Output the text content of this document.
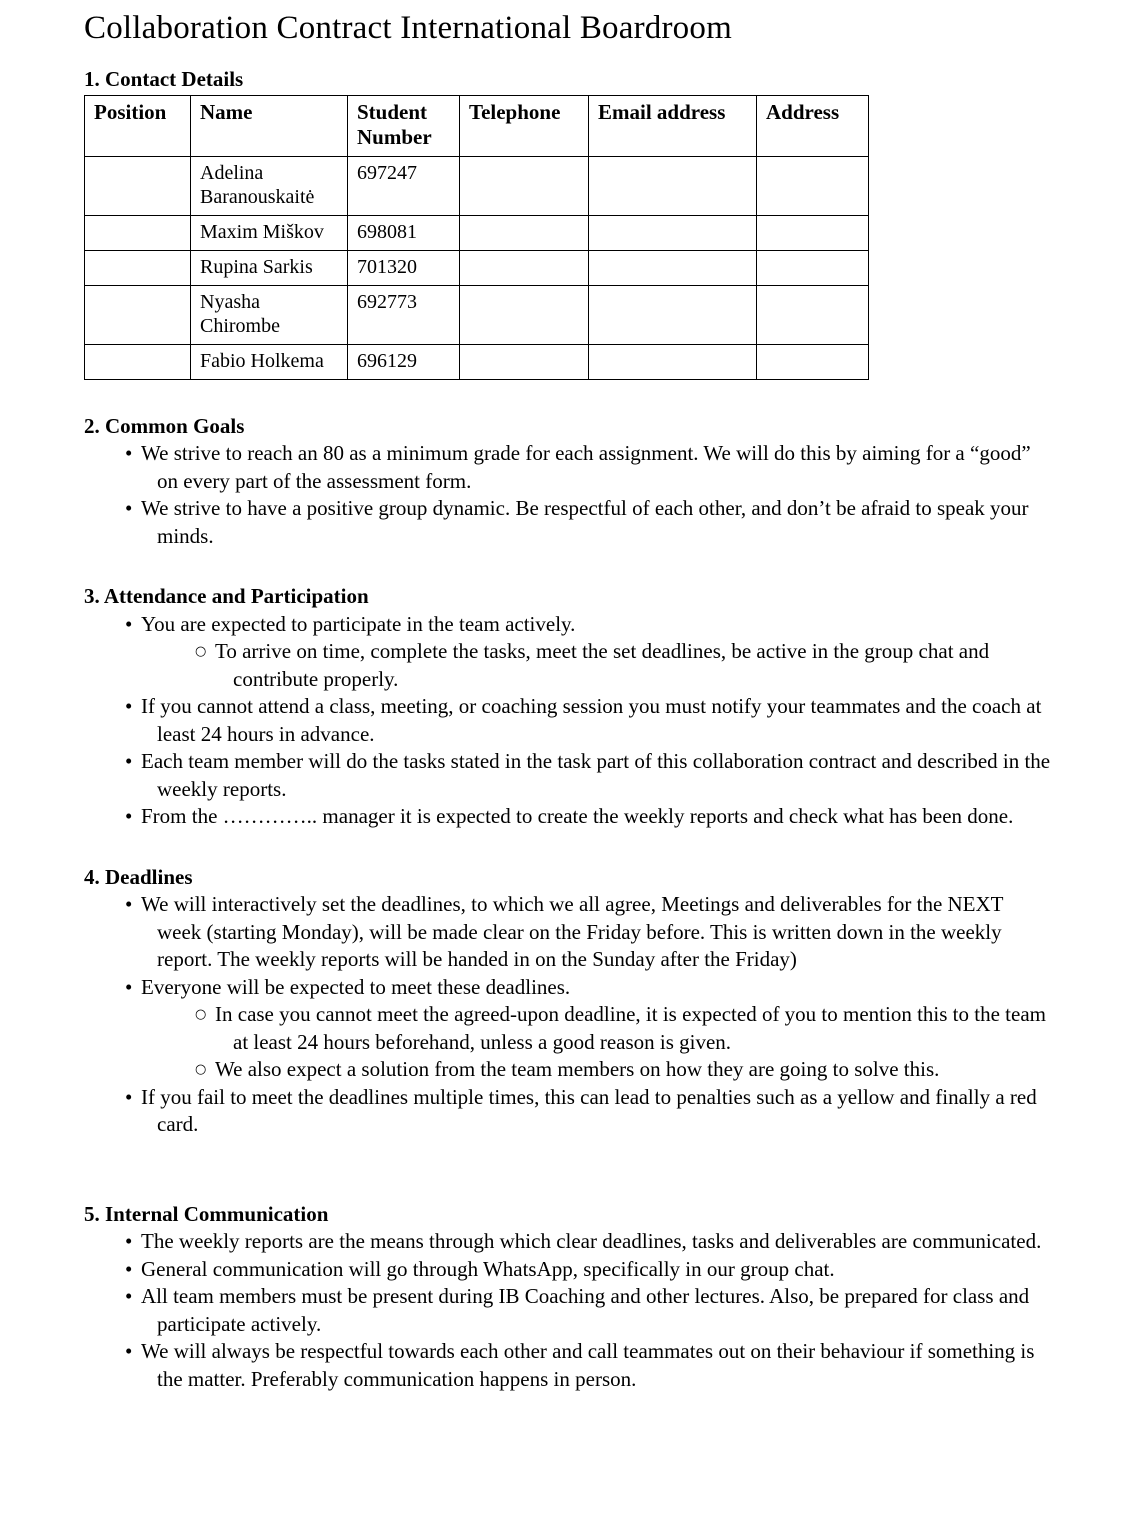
Collaboration Contract International Boardroom
1. Contact Details
Position	Name	Student Number	Telephone	Email address	Address
	Adelina Baranouskaitė	697247			
	Maxim Miškov	698081			
	Rupina Sarkis	701320			
	Nyasha Chirombe	692773			
	Fabio Holkema	696129			
2. Common Goals
• We strive to reach an 80 as a minimum grade for each assignment. We will do this by aiming for a “good” on every part of the assessment form.
• We strive to have a positive group dynamic. Be respectful of each other, and don’t be afraid to speak your minds.
3. Attendance and Participation
• You are expected to participate in the team actively.
○ To arrive on time, complete the tasks, meet the set deadlines, be active in the group chat and contribute properly.
• If you cannot attend a class, meeting, or coaching session you must notify your teammates and the coach at least 24 hours in advance.
• Each team member will do the tasks stated in the task part of this collaboration contract and described in the weekly reports.
• From the ………….. manager it is expected to create the weekly reports and check what has been done.
4. Deadlines
• We will interactively set the deadlines, to which we all agree, Meetings and deliverables for the NEXT week (starting Monday), will be made clear on the Friday before. This is written down in the weekly report. The weekly reports will be handed in on the Sunday after the Friday)
• Everyone will be expected to meet these deadlines.
○ In case you cannot meet the agreed-upon deadline, it is expected of you to mention this to the team at least 24 hours beforehand, unless a good reason is given.
○ We also expect a solution from the team members on how they are going to solve this.
• If you fail to meet the deadlines multiple times, this can lead to penalties such as a yellow and finally a red card.
5. Internal Communication
• The weekly reports are the means through which clear deadlines, tasks and deliverables are communicated.
• General communication will go through WhatsApp, specifically in our group chat.
• All team members must be present during IB Coaching and other lectures. Also, be prepared for class and participate actively.
• We will always be respectful towards each other and call teammates out on their behaviour if something is the matter. Preferably communication happens in person.
